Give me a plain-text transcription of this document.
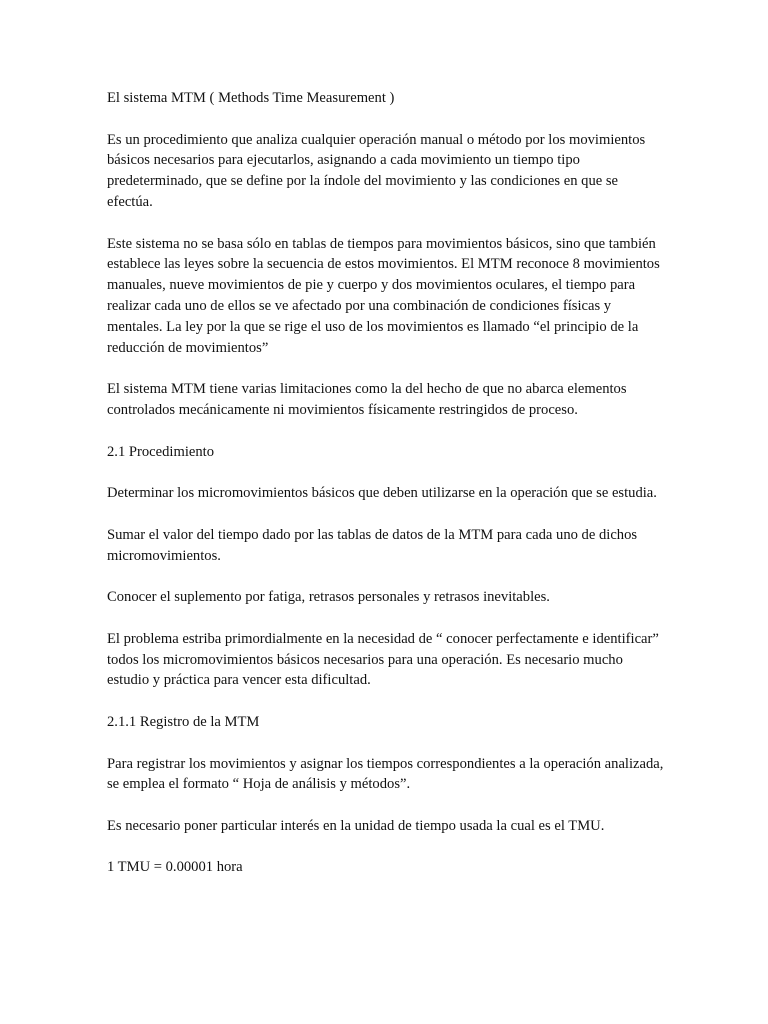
El sistema MTM ( Methods Time Measurement )

Es un procedimiento que analiza cualquier operación manual o método por los movimientos básicos necesarios para ejecutarlos, asignando a cada movimiento un tiempo tipo predeterminado, que se define por la índole del movimiento y las condiciones en que se efectúa.

Este sistema no se basa sólo en tablas de tiempos para movimientos básicos, sino que también establece las leyes sobre la secuencia de estos movimientos. El MTM reconoce 8 movimientos manuales, nueve movimientos de pie y cuerpo y dos movimientos oculares, el tiempo para realizar cada uno de ellos se ve afectado por una combinación de condiciones físicas y mentales. La ley por la que se rige el uso de los movimientos es llamado “el principio de la reducción de movimientos”

El sistema MTM tiene varias limitaciones como la del hecho de que no abarca elementos controlados mecánicamente ni movimientos físicamente restringidos de proceso.

2.1 Procedimiento

Determinar los micromovimientos básicos que deben utilizarse en la operación que se estudia.

Sumar el valor del tiempo dado por las tablas de datos de la MTM para cada uno de dichos micromovimientos.

Conocer el suplemento por fatiga, retrasos personales y retrasos inevitables.

El problema estriba primordialmente en la necesidad de “ conocer perfectamente e identificar” todos los micromovimientos básicos necesarios para una operación. Es necesario mucho estudio y práctica para vencer esta dificultad.

2.1.1 Registro de la MTM

Para registrar los movimientos y asignar los tiempos correspondientes a la operación analizada, se emplea el formato “ Hoja de análisis y métodos”.

Es necesario poner particular interés en la unidad de tiempo usada la cual es el TMU.

1 TMU = 0.00001 hora
